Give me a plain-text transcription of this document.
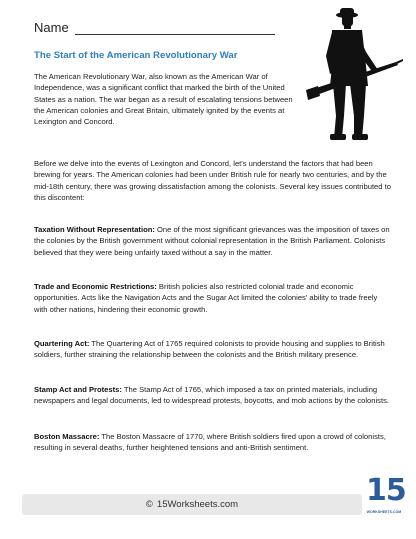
Name
The Start of the American Revolutionary War

The American Revolutionary War, also known as the American War of Independence, was a significant conflict that marked the birth of the United States as a nation. The war began as a result of escalating tensions between the American colonies and Great Britain, ultimately ignited by the events at Lexington and Concord.

Before we delve into the events of Lexington and Concord, let's understand the factors that had been brewing for years. The American colonies had been under British rule for nearly two centuries, and by the mid-18th century, there was growing dissatisfaction among the colonists. Several key issues contributed to this discontent:

Taxation Without Representation: One of the most significant grievances was the imposition of taxes on the colonies by the British government without colonial representation in the British Parliament. Colonists believed that they were being unfairly taxed without a say in the matter.

Trade and Economic Restrictions: British policies also restricted colonial trade and economic opportunities. Acts like the Navigation Acts and the Sugar Act limited the colonies' ability to trade freely with other nations, hindering their economic growth.

Quartering Act: The Quartering Act of 1765 required colonists to provide housing and supplies to British soldiers, further straining the relationship between the colonists and the British military presence.

Stamp Act and Protests: The Stamp Act of 1765, which imposed a tax on printed materials, including newspapers and legal documents, led to widespread protests, boycotts, and mob actions by the colonists.

Boston Massacre: The Boston Massacre of 1770, where British soldiers fired upon a crowd of colonists, resulting in several deaths, further heightened tensions and anti-British sentiment.

© 15Worksheets.com	15
WORKSHEETS.COM
